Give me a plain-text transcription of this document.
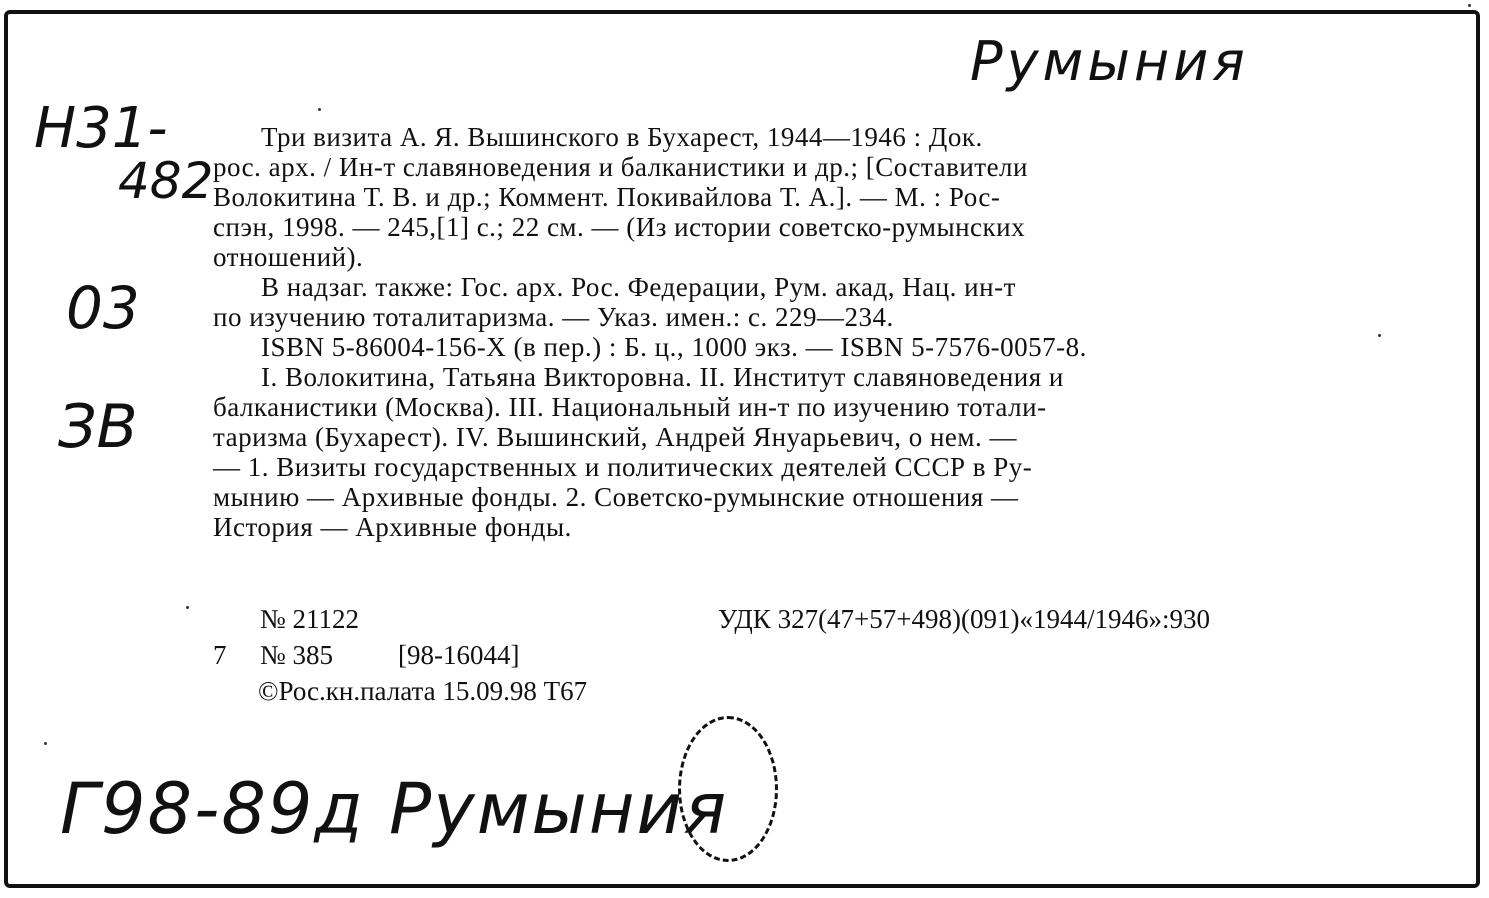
Румыния
Н31-
482
03
ЗВ
Г98-89д Румыния
Три визита А. Я. Вышинского в Бухарест, 1944—1946 : Док.
рос. арх. / Ин-т славяноведения и балканистики и др.; [Составители
Волокитина Т. В. и др.; Коммент. Покивайлова Т. А.]. — М. : Рос-
спэн, 1998. — 245,[1] с.; 22 см. — (Из истории советско-румынских
отношений).
В надзаг. также: Гос. арх. Рос. Федерации, Рум. акад, Нац. ин-т
по изучению тоталитаризма. — Указ. имен.: с. 229—234.
ISBN 5-86004-156-X (в пер.) : Б. ц., 1000 экз. — ISBN 5-7576-0057-8.
I. Волокитина, Татьяна Викторовна. II. Институт славяноведения и
балканистики (Москва). III. Национальный ин-т по изучению тотали-
таризма (Бухарест). IV. Вышинский, Андрей Януарьевич, о нем. —
— 1. Визиты государственных и политических деятелей СССР в Ру-
мынию — Архивные фонды. 2. Советско-румынские отношения —
История — Архивные фонды.
№ 21122	УДК 327(47+57+498)(091)«1944/1946»:930
7 № 385 [98-16044]
©Рос.кн.палата 15.09.98 Т67
